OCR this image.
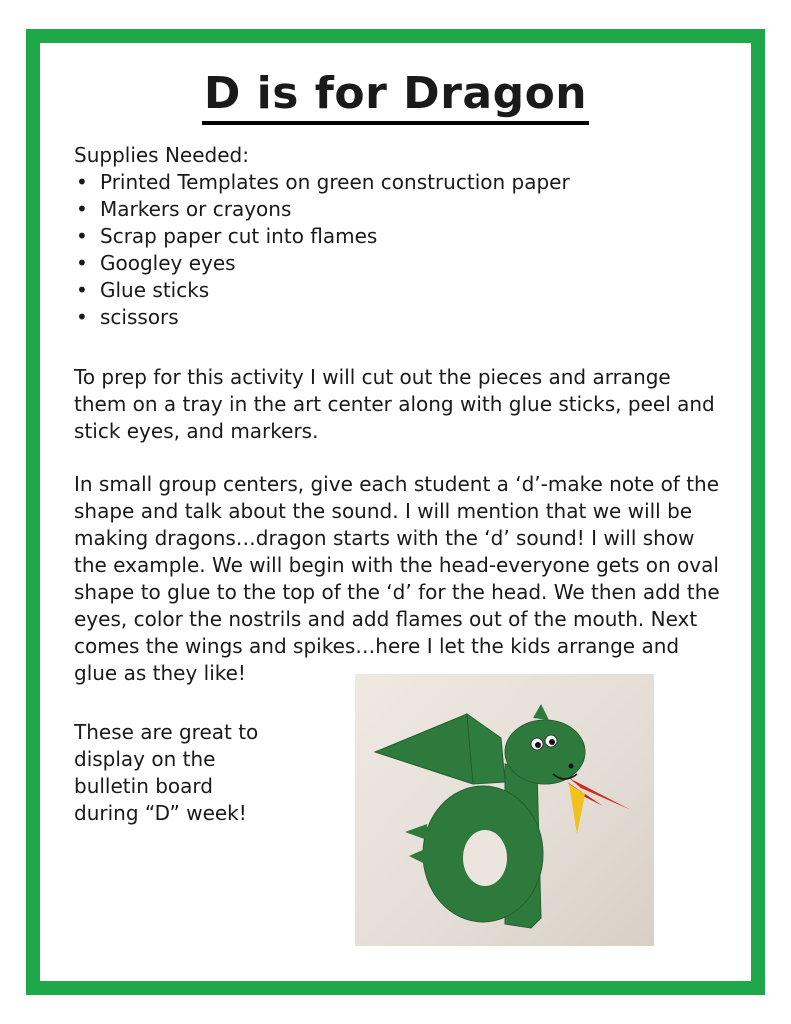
D is for Dragon
Supplies Needed:
• Printed Templates on green construction paper
• Markers or crayons
• Scrap paper cut into flames
• Googley eyes
• Glue sticks
• scissors
To prep for this activity I will cut out the pieces and arrange them on a tray in the art center along with glue sticks, peel and stick eyes, and markers.
In small group centers, give each student a ‘d’-make note of the shape and talk about the sound. I will mention that we will be making dragons…dragon starts with the ‘d’ sound! I will show the example. We will begin with the head-everyone gets on oval shape to glue to the top of the ‘d’ for the head. We then add the eyes, color the nostrils and add flames out of the mouth. Next comes the wings and spikes…here I let the kids arrange and glue as they like!
These are great to display on the bulletin board during “D” week!
